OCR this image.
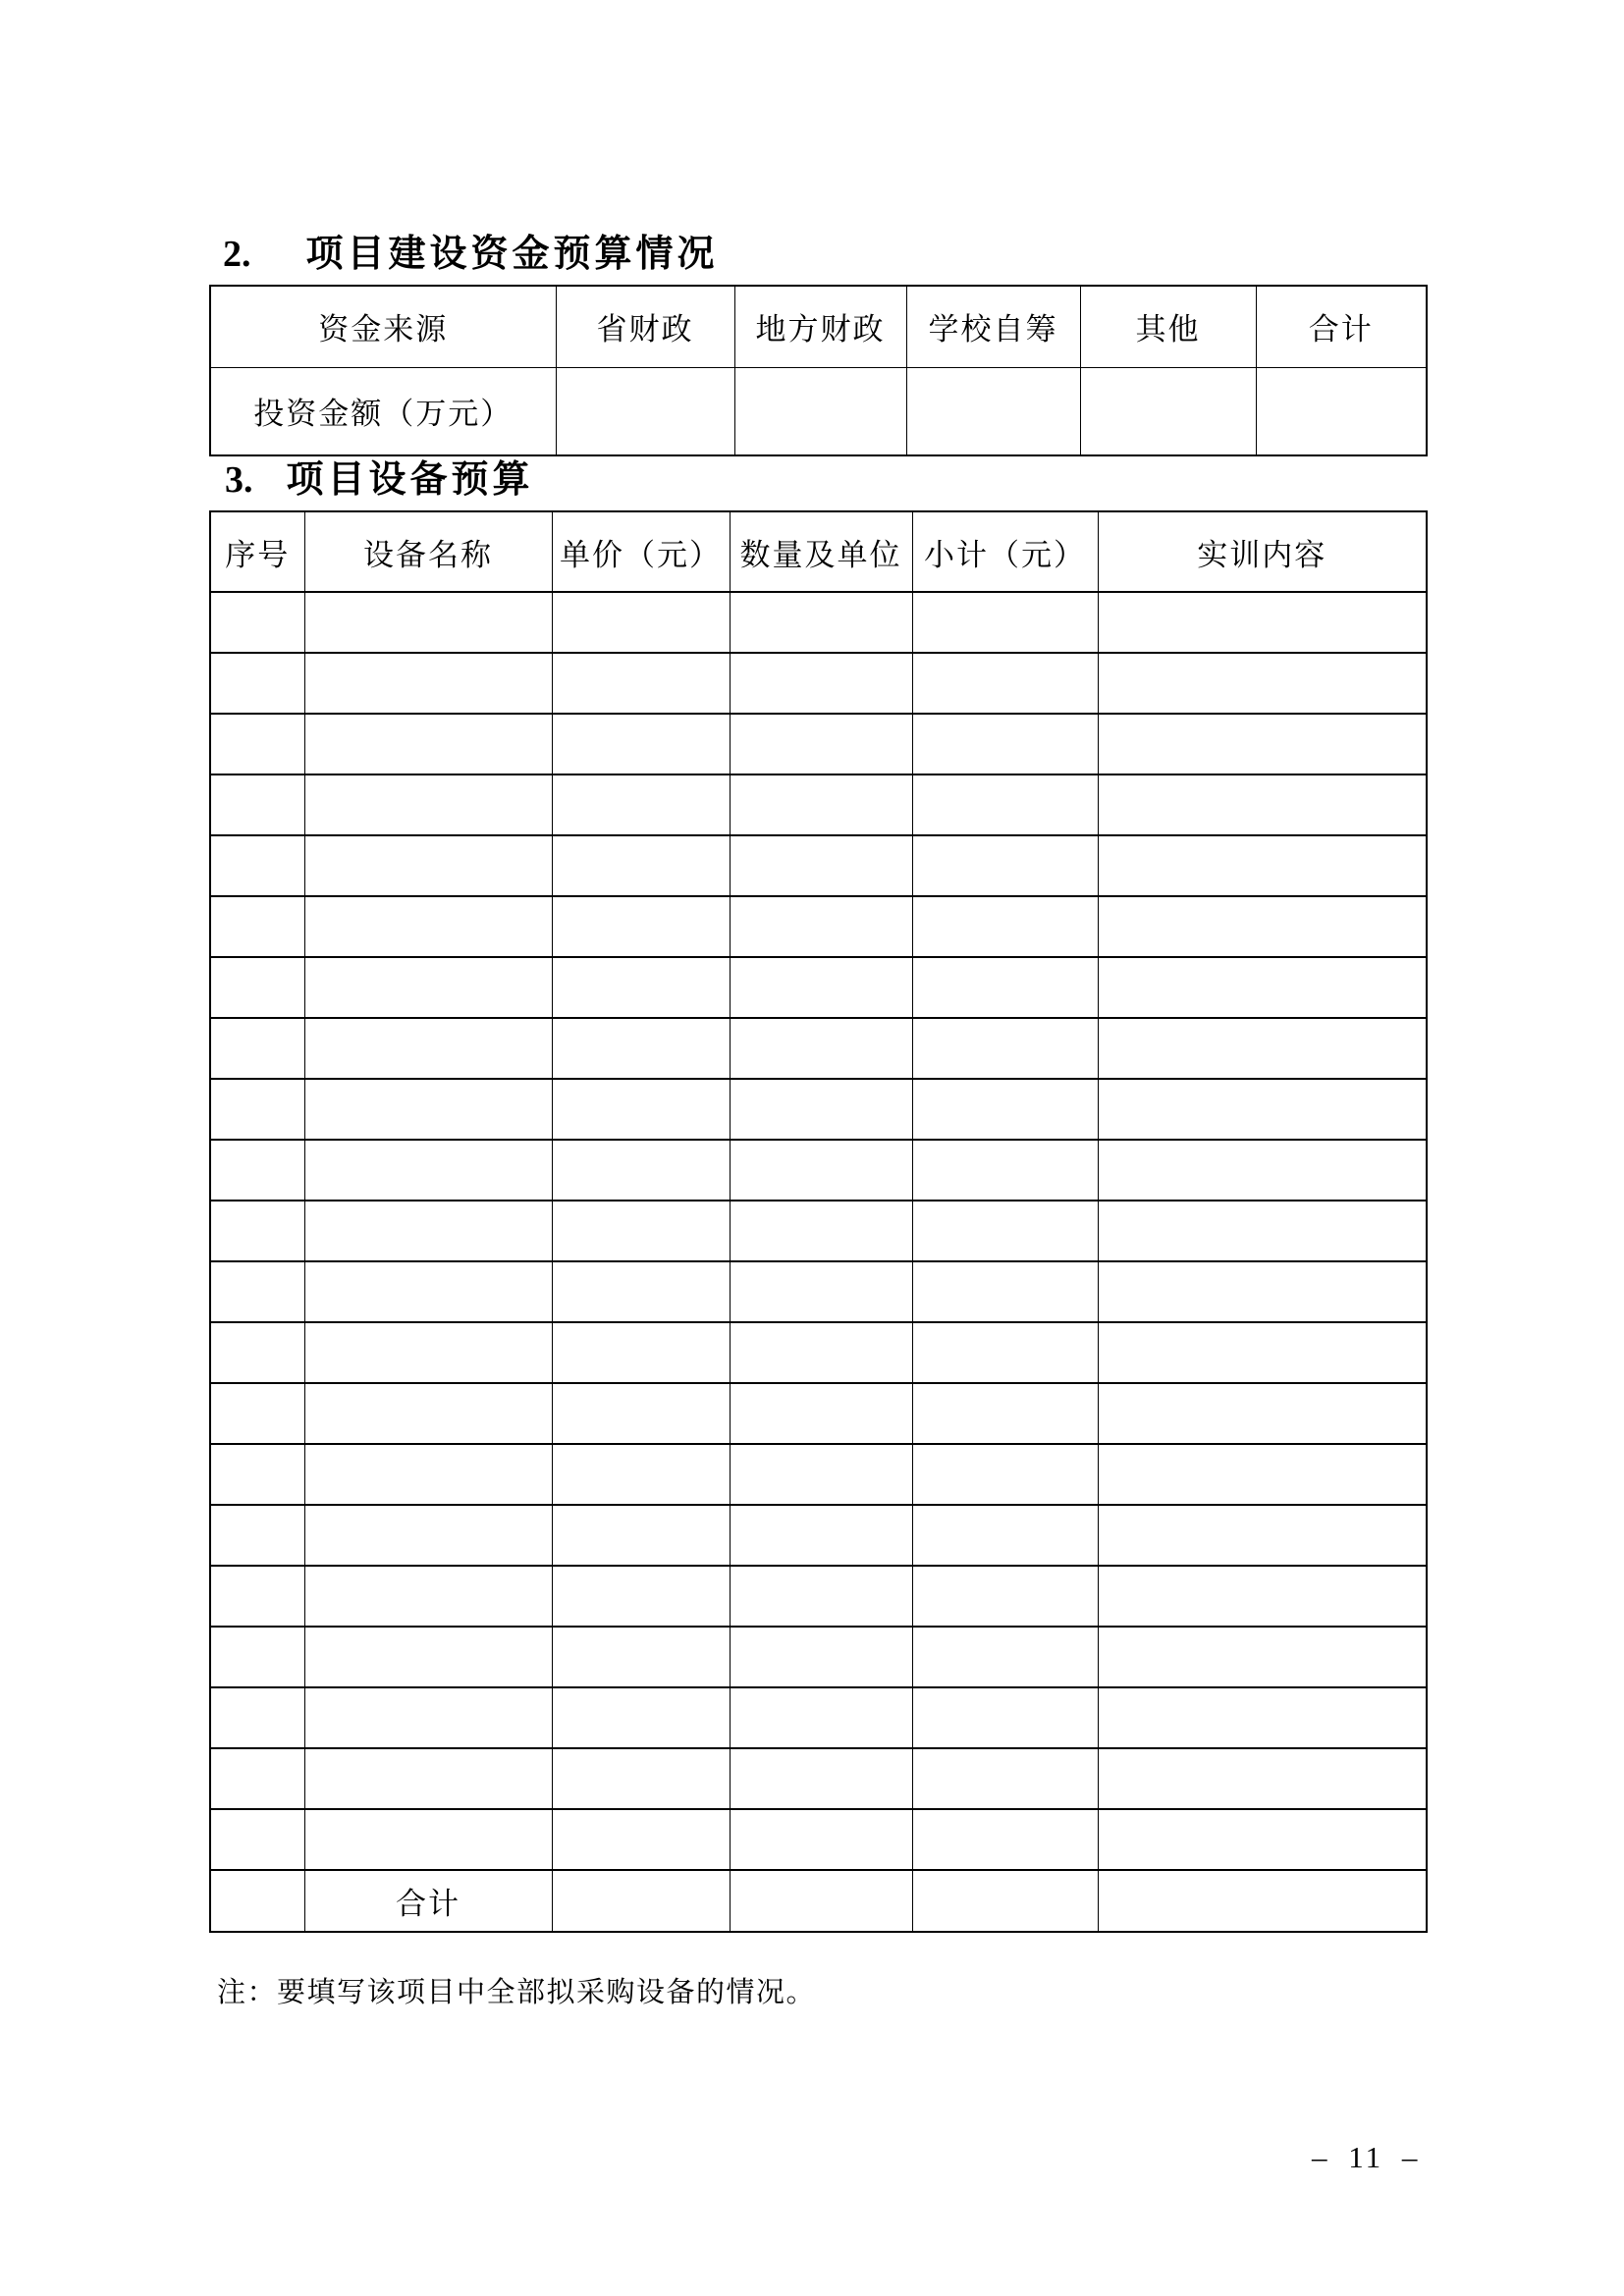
2. 项目建设资金预算情况
资金来源	省财政	地方财政	学校自筹	其他	合计
投资金额（万元）					
3. 项目设备预算
序号	设备名称	单价（元）	数量及单位	小计（元）	实训内容

	合计				
注：要填写该项目中全部拟采购设备的情况。
– 11 –
